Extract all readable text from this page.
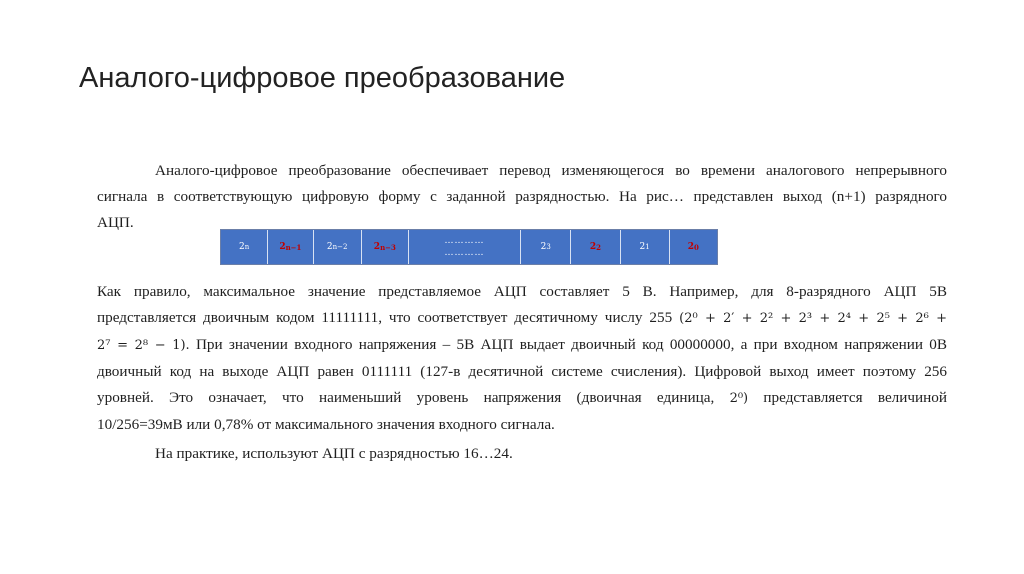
Аналого-цифровое преобразование
Аналого-цифровое преобразование обеспечивает перевод изменяющегося во времени аналогового непрерывного
сигнала в соответствующую цифровую форму с заданной разрядностью. На рис… представлен выход (n+1) разрядного
АЦП.
2 n	2 n−1	2 n−2	2 n−3
…………
…………
2 3	2 2	2 1	2 0
Как правило, максимальное значение представляемое АЦП составляет 5 В. Например, для 8-разрядного АЦП 5В
представляется двоичным кодом 11111111, что соответствует десятичному числу 255 (2⁰ + 2′ + 2² + 2³ + 2⁴ + 2⁵ + 2⁶ +
2⁷ = 2⁸ − 1). При значении входного напряжения – 5В АЦП выдает двоичный код 00000000, а при входном напряжении 0В
двоичный код на выходе АЦП равен 0111111 (127-в десятичной системе счисления). Цифровой выход имеет поэтому 256
уровней. Это означает, что наименьший уровень напряжения (двоичная единица, 2⁰) представляется величиной
10/256=39мВ или 0,78% от максимального значения входного сигнала.
На практике, используют АЦП с разрядностью 16…24.
